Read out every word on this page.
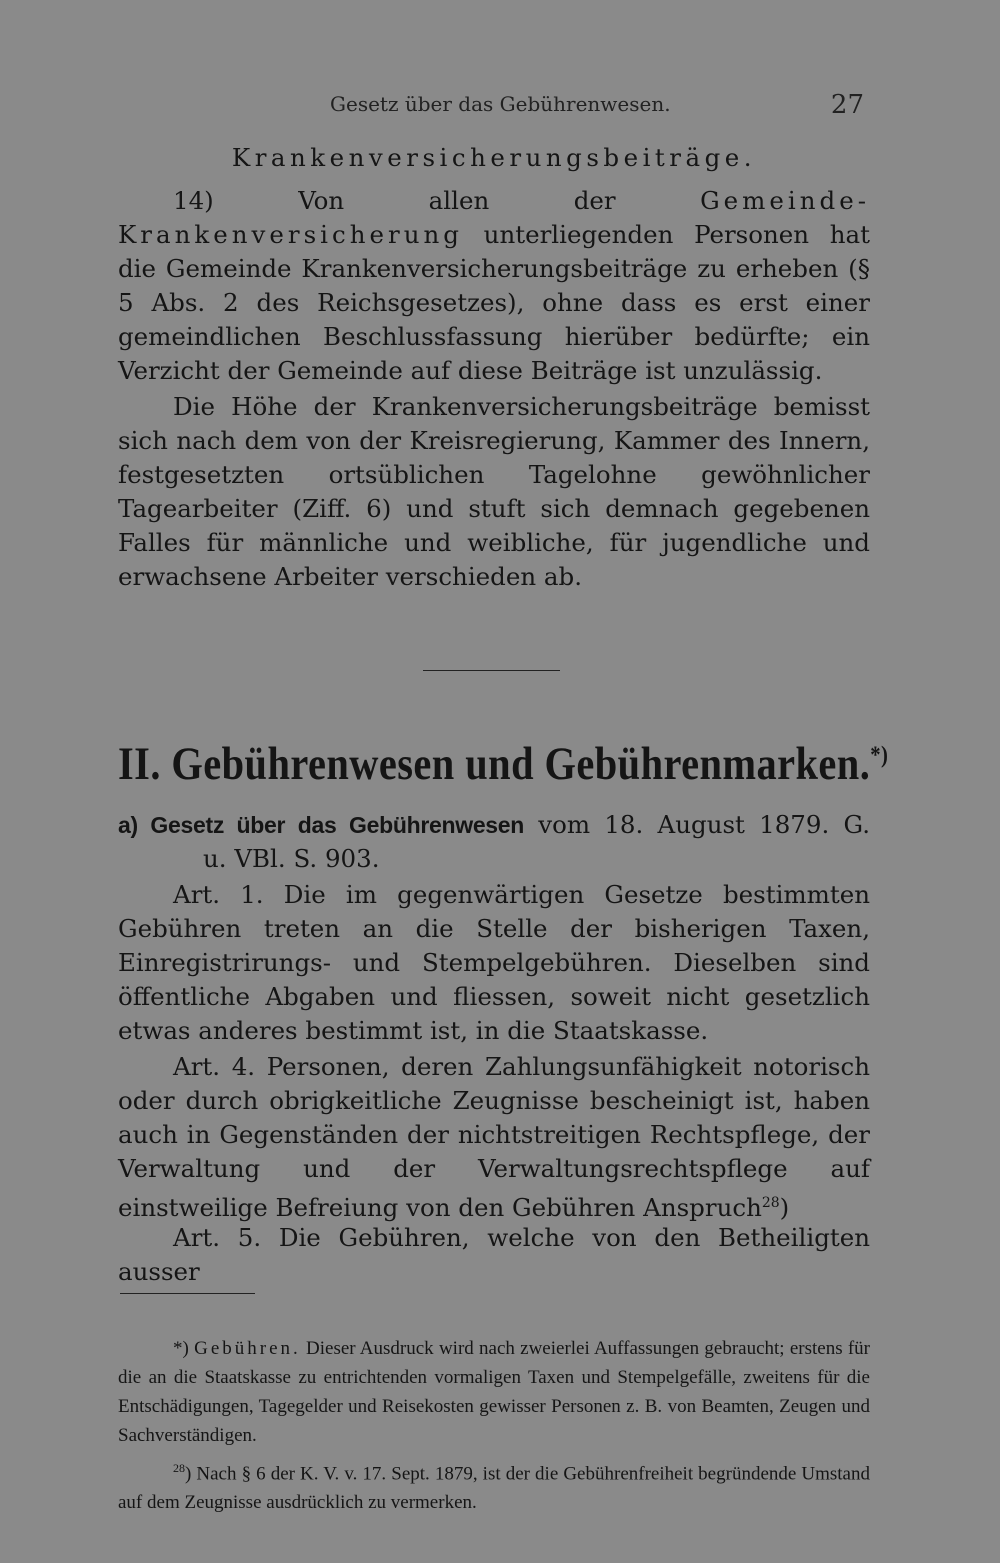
Gesetz über das Gebührenwesen.	27

Krankenversicherungsbeiträge.

14) Von allen der Gemeinde-Krankenversicherung unterliegenden Personen hat die Gemeinde Krankenversicherungsbeiträge zu erheben (§ 5 Abs. 2 des Reichsgesetzes), ohne dass es erst einer gemeindlichen Beschlussfassung hierüber bedürfte; ein Verzicht der Gemeinde auf diese Beiträge ist unzulässig.

Die Höhe der Krankenversicherungsbeiträge bemisst sich nach dem von der Kreisregierung, Kammer des Innern, festgesetzten ortsüblichen Tagelohne gewöhnlicher Tagearbeiter (Ziff. 6) und stuft sich demnach gegebenen Falles für männliche und weibliche, für jugendliche und erwachsene Arbeiter verschieden ab.

II. Gebührenwesen und Gebührenmarken.*)

a) Gesetz über das Gebührenwesen vom 18. August 1879. G.
u. VBl. S. 903.

Art. 1. Die im gegenwärtigen Gesetze bestimmten Gebühren treten an die Stelle der bisherigen Taxen, Einregistrirungs- und Stempelgebühren. Dieselben sind öffentliche Abgaben und fliessen, soweit nicht gesetzlich etwas anderes bestimmt ist, in die Staatskasse.

Art. 4. Personen, deren Zahlungsunfähigkeit notorisch oder durch obrigkeitliche Zeugnisse bescheinigt ist, haben auch in Gegenständen der nichtstreitigen Rechtspflege, der Verwaltung und der Verwaltungsrechtspflege auf einstweilige Befreiung von den Gebühren Anspruch$^{28}$)

Art. 5. Die Gebühren, welche von den Betheiligten ausser

*) Gebühren. Dieser Ausdruck wird nach zweierlei Auffassungen gebraucht; erstens für die an die Staatskasse zu entrichtenden vormaligen Taxen und Stempelgefälle, zweitens für die Entschädigungen, Tagegelder und Reisekosten gewisser Personen z. B. von Beamten, Zeugen und Sachverständigen.

$^{28}$) Nach § 6 der K. V. v. 17. Sept. 1879, ist der die Gebührenfreiheit begründende Umstand auf dem Zeugnisse ausdrücklich zu vermerken.
